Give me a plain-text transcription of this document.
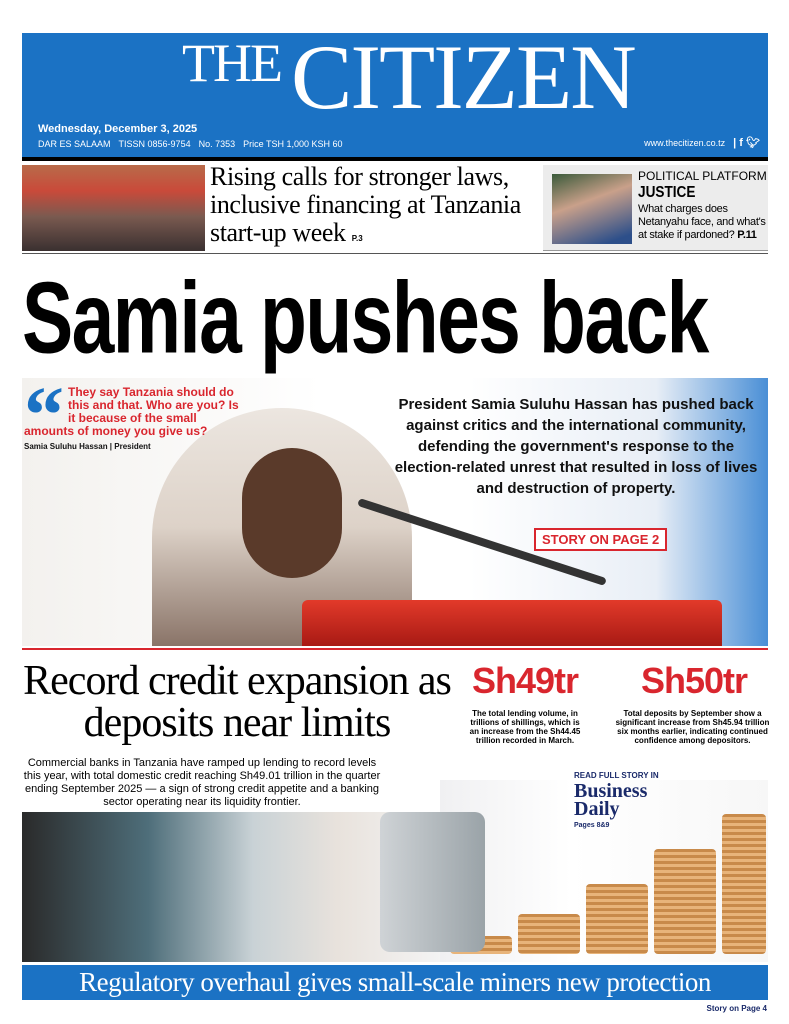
$^{THE}$ CITIZEN
Wednesday, December 3, 2025
DAR ES SALAAM TISSN 0856-9754 No. 7353 Price TSH 1,000 KSH 60	www.thecitizen.co.tz | f 🐦︎
Rising calls for stronger laws, inclusive financing at Tanzania start-up week P.3
POLITICAL PLATFORM
JUSTICE
What charges does Netanyahu face, and what's at stake if pardoned? P.11
Samia pushes back
They say Tanzania should do this and that. Who are you? Is it because of the small amounts of money you give us?
Samia Suluhu Hassan | President
President Samia Suluhu Hassan has pushed back against critics and the international community, defending the government's response to the election-related unrest that resulted in loss of lives and destruction of property.
STORY ON PAGE 2
Record credit expansion as deposits near limits
Sh49tr
The total lending volume, in trillions of shillings, which is an increase from the Sh44.45 trillion recorded in March.
Sh50tr
Total deposits by September show a significant increase from Sh45.94 trillion six months earlier, indicating continued confidence among depositors.
Commercial banks in Tanzania have ramped up lending to record levels this year, with total domestic credit reaching Sh49.01 trillion in the quarter ending September 2025 — a sign of strong credit appetite and a banking sector operating near its liquidity frontier.
READ FULL STORY IN
Business Daily
Pages 8&9
Regulatory overhaul gives small-scale miners new protection
Story on Page 4
